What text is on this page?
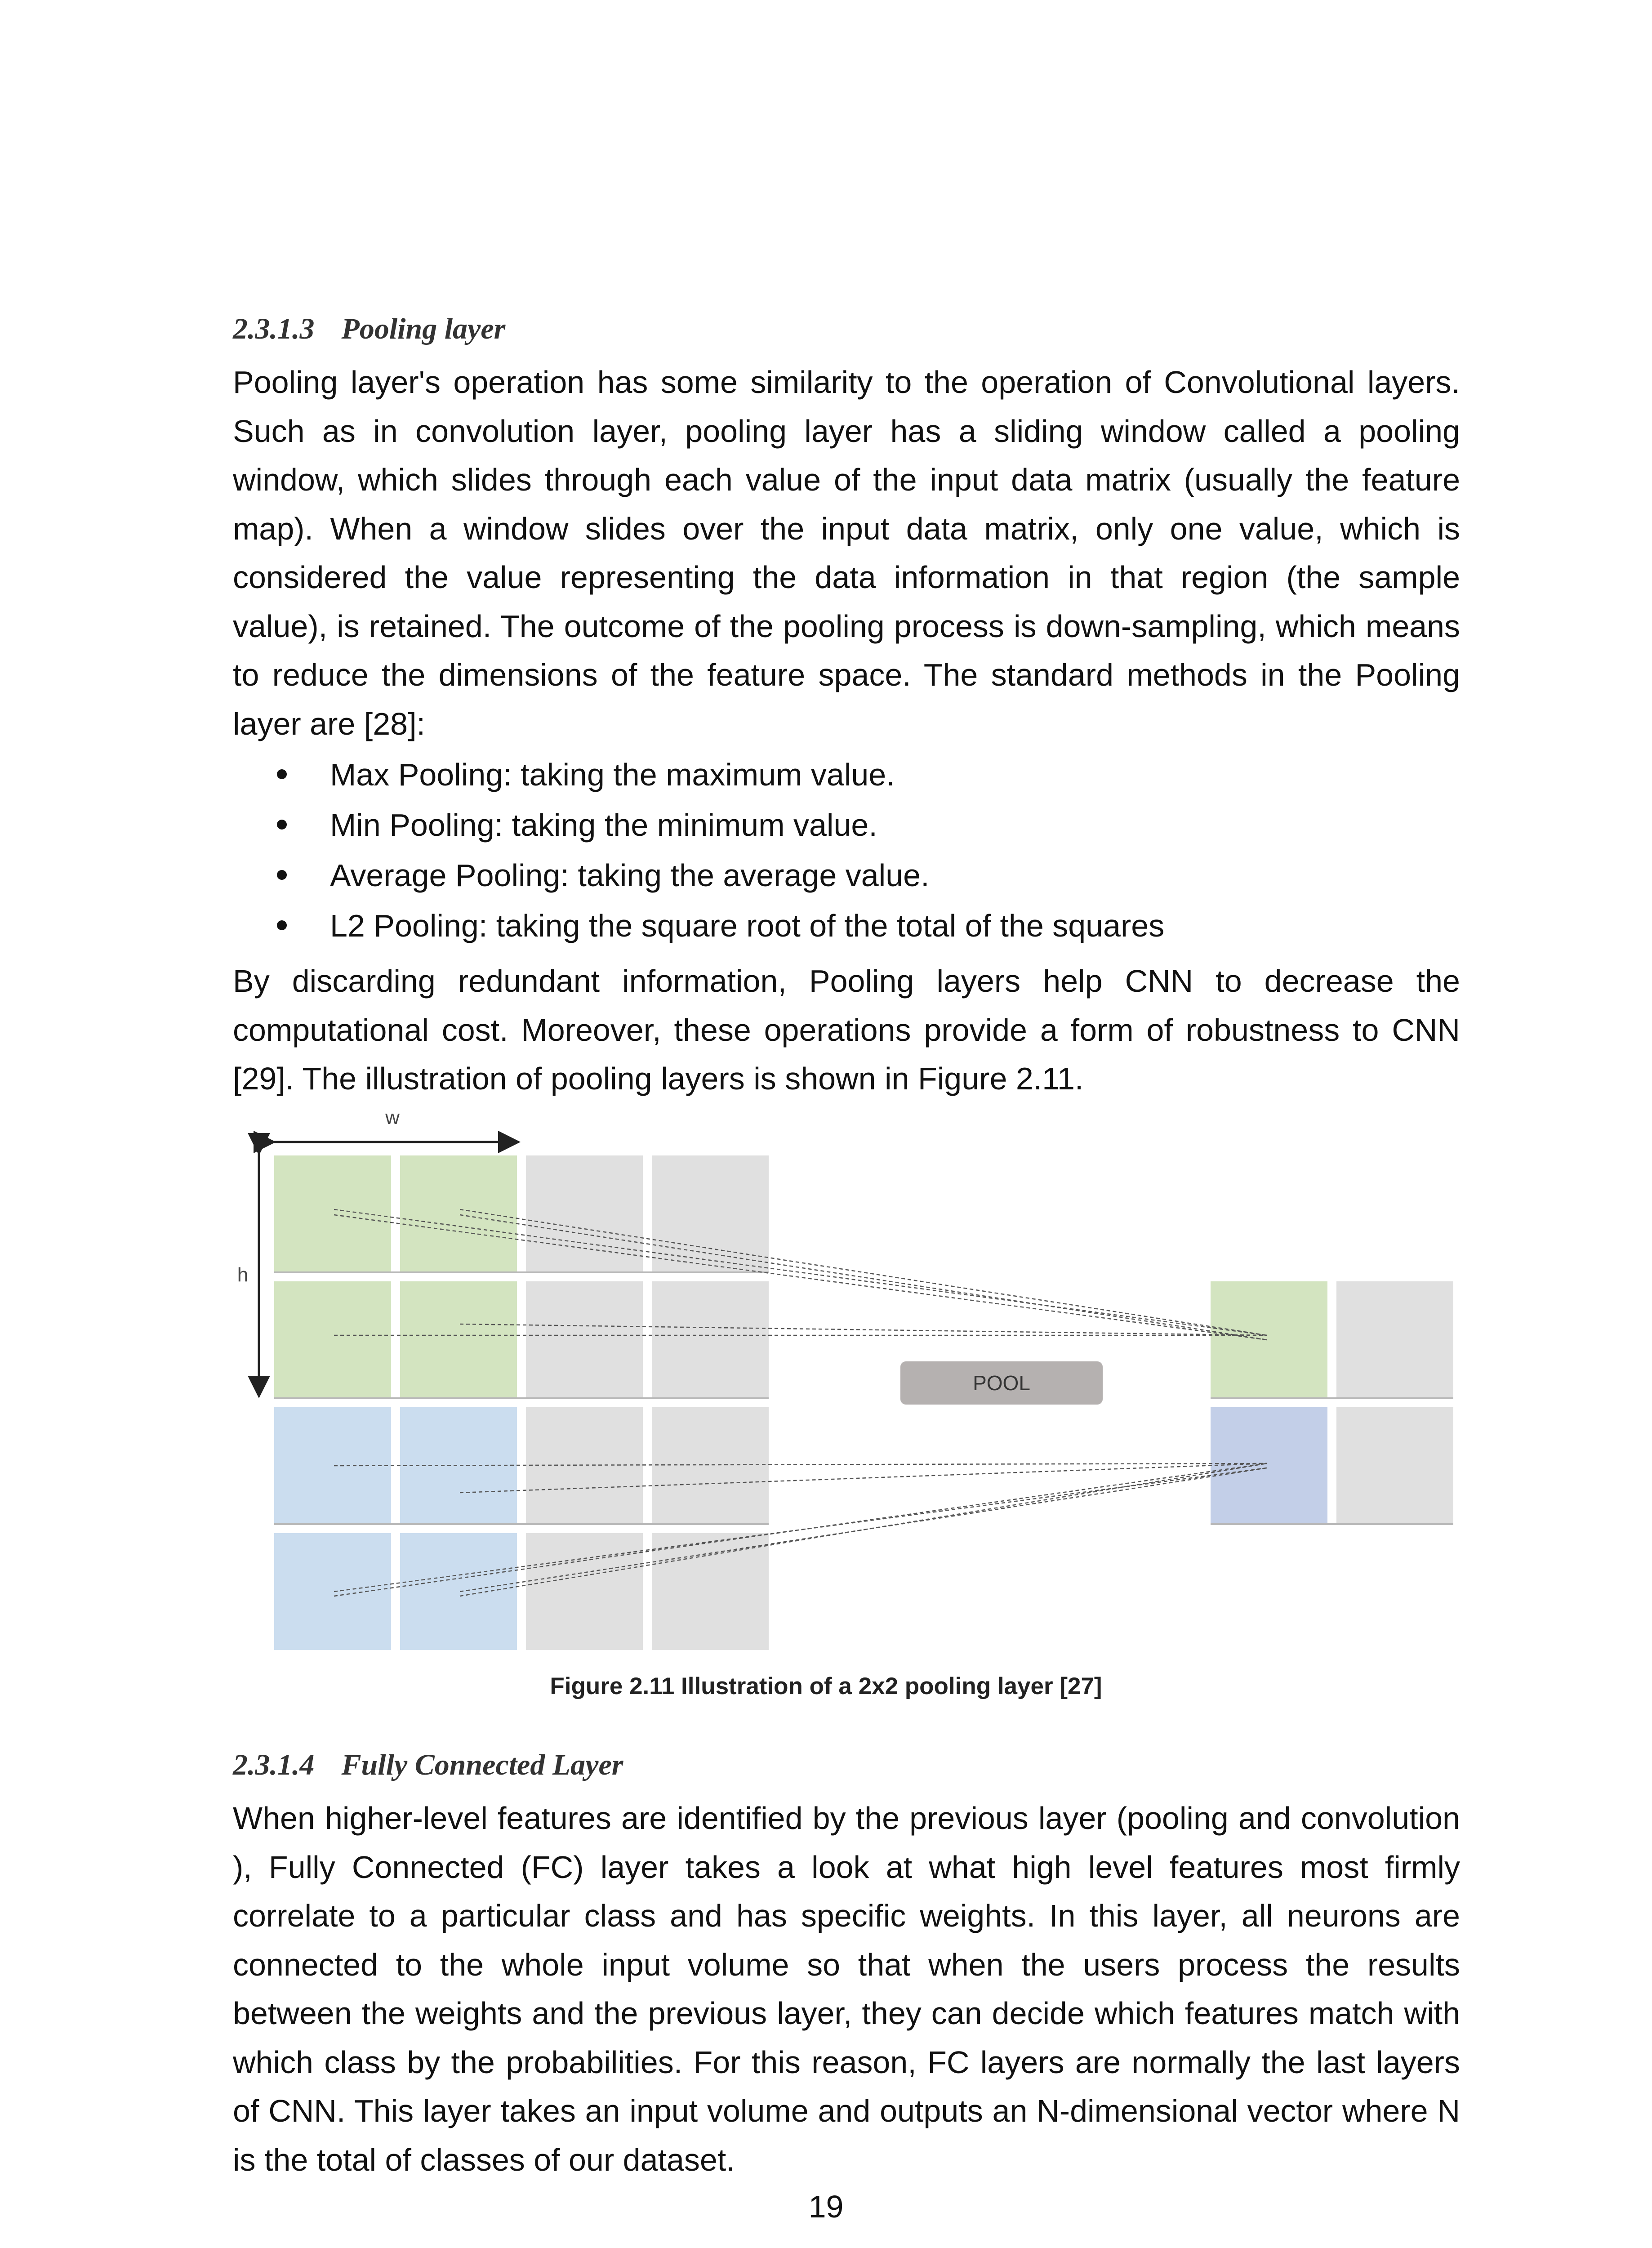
2.3.1.3 Pooling layer

Pooling layer's operation has some similarity to the operation of Convolutional layers. Such as in convolution layer, pooling layer has a sliding window called a pooling window, which slides through each value of the input data matrix (usually the feature map). When a window slides over the input data matrix, only one value, which is considered the value representing the data information in that region (the sample value), is retained. The outcome of the pooling process is down-sampling, which means to reduce the dimensions of the feature space. The standard methods in the Pooling layer are [28]:

Max Pooling: taking the maximum value.
Min Pooling: taking the minimum value.
Average Pooling: taking the average value.
L2 Pooling: taking the square root of the total of the squares

By discarding redundant information, Pooling layers help CNN to decrease the computational cost. Moreover, these operations provide a form of robustness to CNN [29]. The illustration of pooling layers is shown in Figure 2.11.

2.3.1.4 Fully Connected Layer

When higher-level features are identified by the previous layer (pooling and convolution ), Fully Connected (FC) layer takes a look at what high level features most firmly correlate to a particular class and has specific weights. In this layer, all neurons are connected to the whole input volume so that when the users process the results between the weights and the previous layer, they can decide which features match with which class by the probabilities. For this reason, FC layers are normally the last layers of CNN. This layer takes an input volume and outputs an N-dimensional vector where N is the total of classes of our dataset.

w
h
POOL
Figure 2.11 Illustration of a 2x2 pooling layer [27]
19
